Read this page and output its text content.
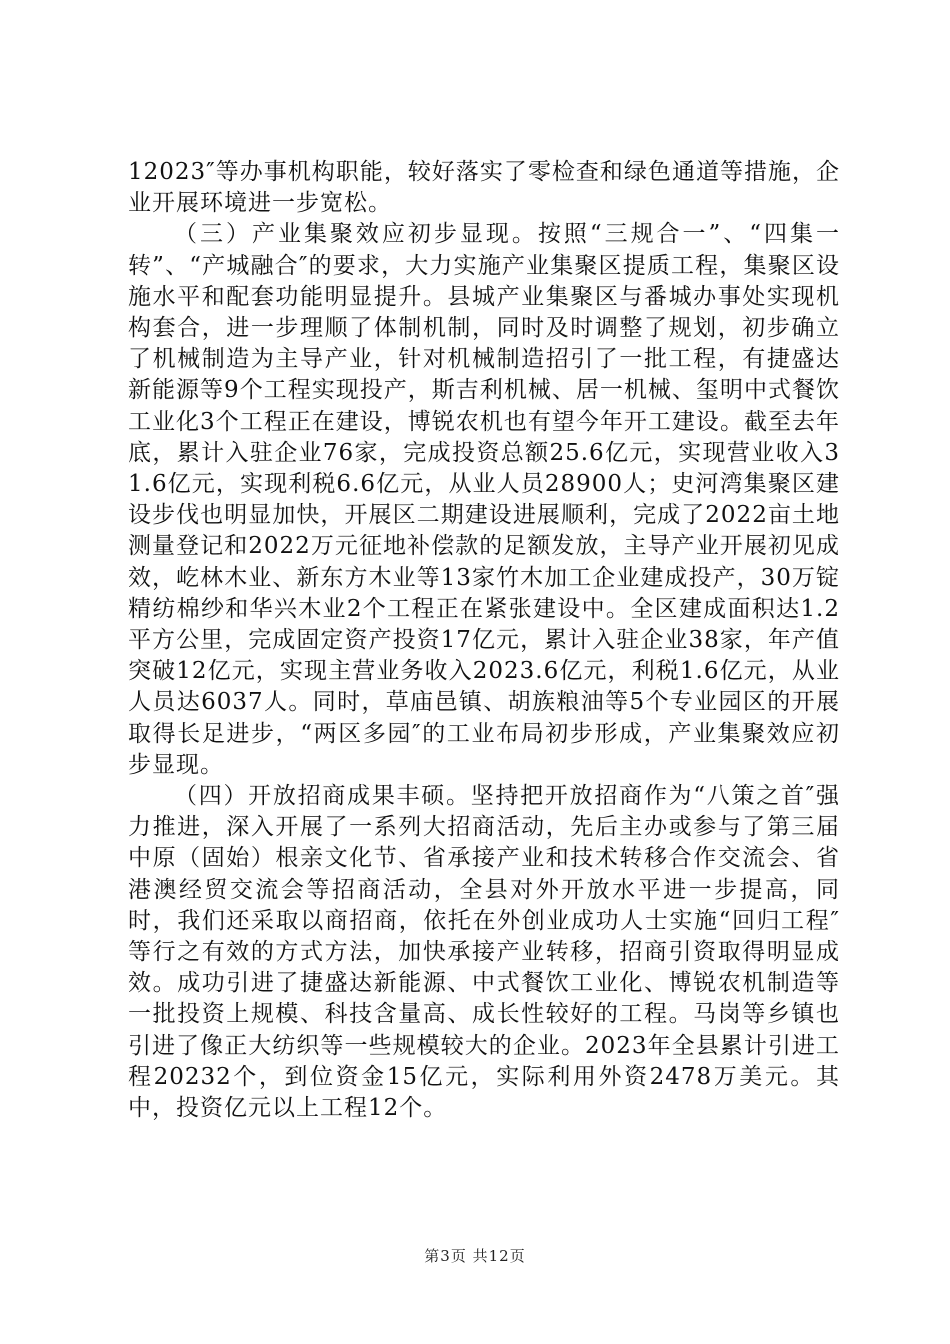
12023″等办事机构职能，较好落实了零检查和绿色通道等措施，企业开展环境进一步宽松。

（三）产业集聚效应初步显现。按照“三规合一”、“四集一转”、“产城融合″的要求，大力实施产业集聚区提质工程，集聚区设施水平和配套功能明显提升。县城产业集聚区与番城办事处实现机构套合，进一步理顺了体制机制，同时及时调整了规划，初步确立了机械制造为主导产业，针对机械制造招引了一批工程，有捷盛达新能源等9个工程实现投产，斯吉利机械、居一机械、玺明中式餐饮工业化3个工程正在建设，博锐农机也有望今年开工建设。截至去年底，累计入驻企业76家，完成投资总额25.6亿元，实现营业收入31.6亿元，实现利税6.6亿元，从业人员28900人；史河湾集聚区建设步伐也明显加快，开展区二期建设进展顺利，完成了2022亩土地测量登记和2022万元征地补偿款的足额发放，主导产业开展初见成效，屹林木业、新东方木业等13家竹木加工企业建成投产，30万锭精纺棉纱和华兴木业2个工程正在紧张建设中。全区建成面积达1.2平方公里，完成固定资产投资17亿元，累计入驻企业38家，年产值突破12亿元，实现主营业务收入2023.6亿元，利税1.6亿元，从业人员达6037人。同时，草庙邑镇、胡族粮油等5个专业园区的开展取得长足进步，“两区多园″的工业布局初步形成，产业集聚效应初步显现。

（四）开放招商成果丰硕。坚持把开放招商作为“八策之首″强力推进，深入开展了一系列大招商活动，先后主办或参与了第三届中原（固始）根亲文化节、省承接产业和技术转移合作交流会、省港澳经贸交流会等招商活动，全县对外开放水平进一步提高，同时，我们还采取以商招商，依托在外创业成功人士实施“回归工程″等行之有效的方式方法，加快承接产业转移，招商引资取得明显成效。成功引进了捷盛达新能源、中式餐饮工业化、博锐农机制造等一批投资上规模、科技含量高、成长性较好的工程。马岗等乡镇也引进了像正大纺织等一些规模较大的企业。2023年全县累计引进工程20232个，到位资金15亿元，实际利用外资2478万美元。其中，投资亿元以上工程12个。

第3页 共12页
